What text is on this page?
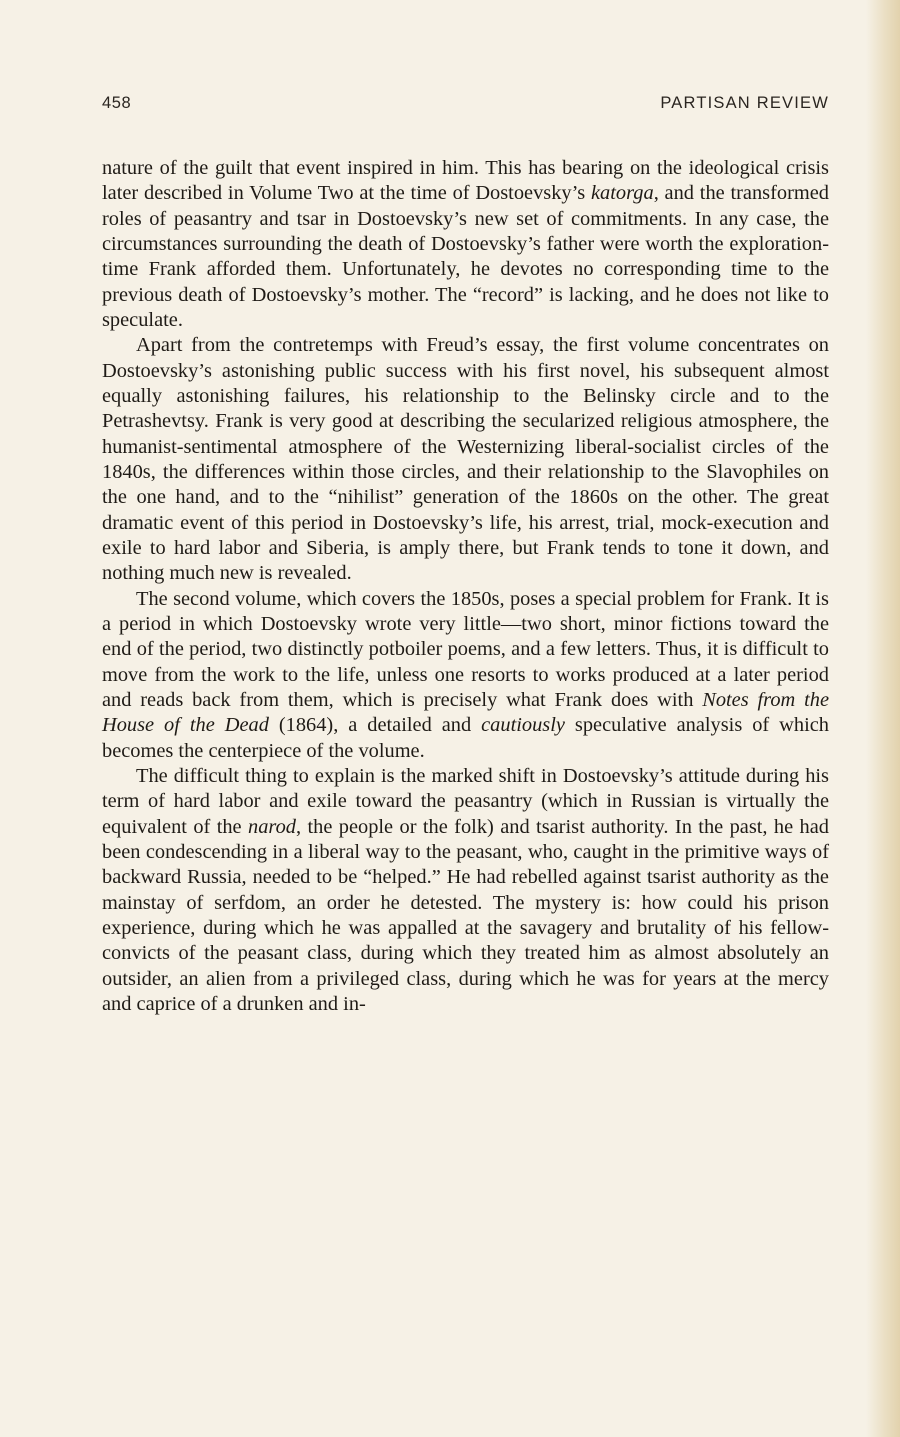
458	PARTISAN REVIEW

nature of the guilt that event inspired in him. This has bearing on the ideological crisis later described in Volume Two at the time of Dostoevsky’s katorga, and the transformed roles of peasantry and tsar in Dostoevsky’s new set of commitments. In any case, the circumstances surrounding the death of Dostoevsky’s father were worth the exploration-time Frank afforded them. Unfortunately, he devotes no corresponding time to the previous death of Dostoevsky’s mother. The “record” is lacking, and he does not like to speculate.

Apart from the contretemps with Freud’s essay, the first volume concentrates on Dostoevsky’s astonishing public success with his first novel, his subsequent almost equally astonishing failures, his relationship to the Belinsky circle and to the Petrashevtsy. Frank is very good at describing the secularized religious atmosphere, the humanist-sentimental atmosphere of the Westernizing liberal-socialist circles of the 1840s, the differences within those circles, and their relationship to the Slavophiles on the one hand, and to the “nihilist” generation of the 1860s on the other. The great dramatic event of this period in Dostoevsky’s life, his arrest, trial, mock-execution and exile to hard labor and Siberia, is amply there, but Frank tends to tone it down, and nothing much new is revealed.

The second volume, which covers the 1850s, poses a special problem for Frank. It is a period in which Dostoevsky wrote very little—two short, minor fictions toward the end of the period, two distinctly potboiler poems, and a few letters. Thus, it is difficult to move from the work to the life, unless one resorts to works produced at a later period and reads back from them, which is precisely what Frank does with Notes from the House of the Dead (1864), a detailed and cautiously speculative analysis of which becomes the centerpiece of the volume.

The difficult thing to explain is the marked shift in Dostoevsky’s attitude during his term of hard labor and exile toward the peasantry (which in Russian is virtually the equivalent of the narod, the people or the folk) and tsarist authority. In the past, he had been condescending in a liberal way to the peasant, who, caught in the primitive ways of backward Russia, needed to be “helped.” He had rebelled against tsarist authority as the mainstay of serfdom, an order he detested. The mystery is: how could his prison experience, during which he was appalled at the savagery and brutality of his fellow-convicts of the peasant class, during which they treated him as almost absolutely an outsider, an alien from a privileged class, during which he was for years at the mercy and caprice of a drunken and in-
